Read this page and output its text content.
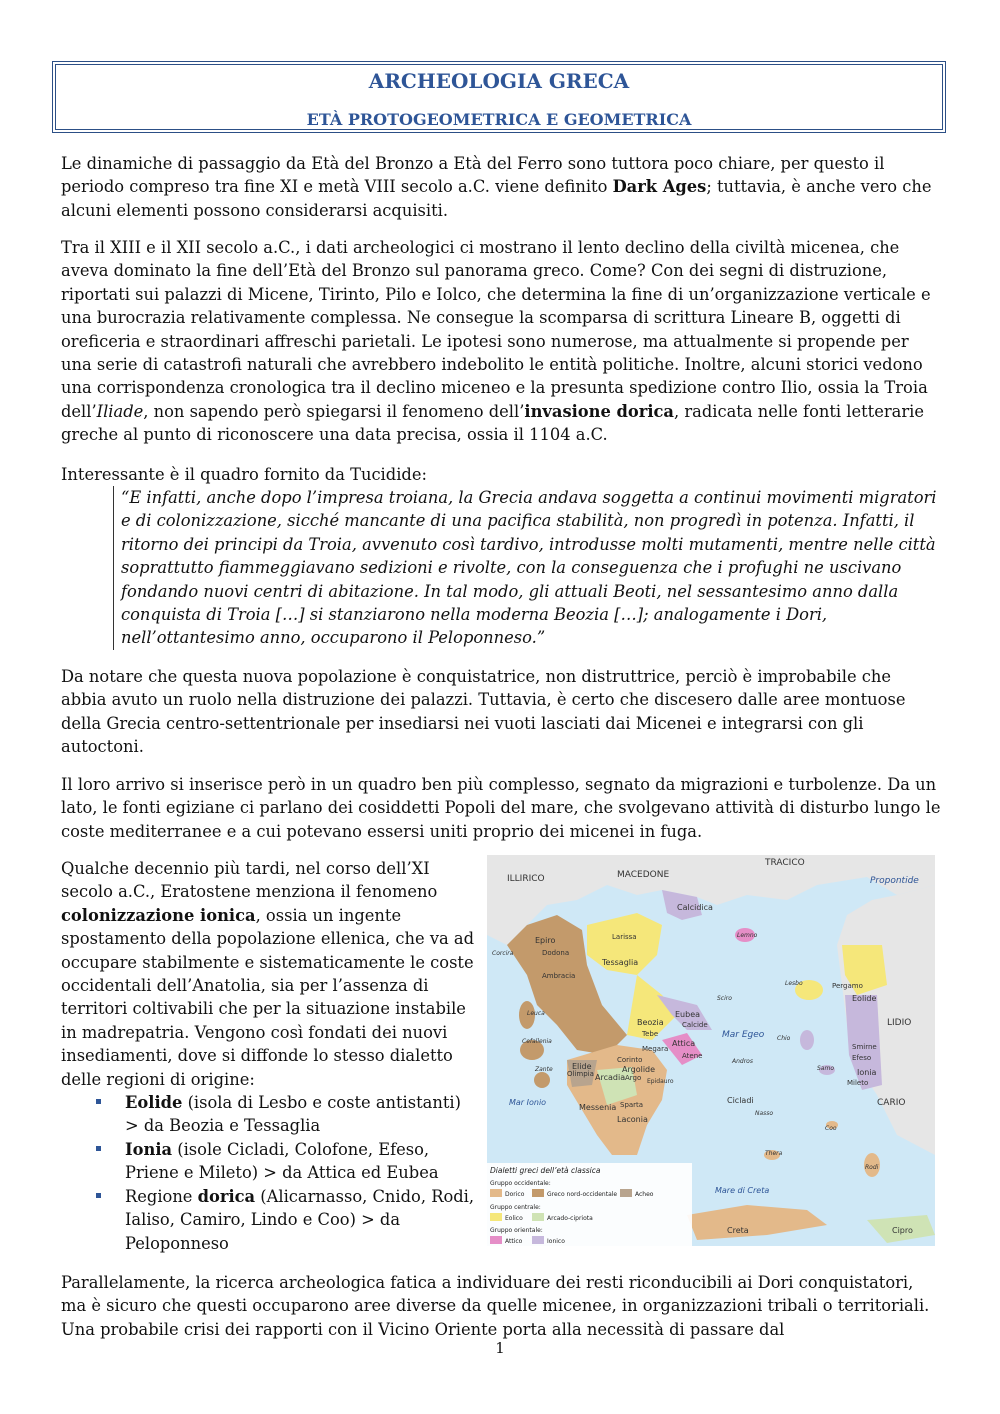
ARCHEOLOGIA GRECA
ETÀ PROTOGEOMETRICA E GEOMETRICA

Le dinamiche di passaggio da Età del Bronzo a Età del Ferro sono tuttora poco chiare, per questo il periodo compreso tra fine XI e metà VIII secolo a.C. viene definito Dark Ages; tuttavia, è anche vero che alcuni elementi possono considerarsi acquisiti.

Tra il XIII e il XII secolo a.C., i dati archeologici ci mostrano il lento declino della civiltà micenea, che aveva dominato la fine dell’Età del Bronzo sul panorama greco. Come? Con dei segni di distruzione, riportati sui palazzi di Micene, Tirinto, Pilo e Iolco, che determina la fine di un’organizzazione verticale e una burocrazia relativamente complessa. Ne consegue la scomparsa di scrittura Lineare B, oggetti di oreficeria e straordinari affreschi parietali. Le ipotesi sono numerose, ma attualmente si propende per una serie di catastrofi naturali che avrebbero indebolito le entità politiche. Inoltre, alcuni storici vedono una corrispondenza cronologica tra il declino miceneo e la presunta spedizione contro Ilio, ossia la Troia dell’Iliade, non sapendo però spiegarsi il fenomeno dell’invasione dorica, radicata nelle fonti letterarie greche al punto di riconoscere una data precisa, ossia il 1104 a.C.

Interessante è il quadro fornito da Tucidide:

“E infatti, anche dopo l’impresa troiana, la Grecia andava soggetta a continui movimenti migratori e di colonizzazione, sicché mancante di una pacifica stabilità, non progredì in potenza. Infatti, il ritorno dei principi da Troia, avvenuto così tardivo, introdusse molti mutamenti, mentre nelle città soprattutto fiammeggiavano sedizioni e rivolte, con la conseguenza che i profughi ne uscivano fondando nuovi centri di abitazione. In tal modo, gli attuali Beoti, nel sessantesimo anno dalla conquista di Troia […] si stanziarono nella moderna Beozia […]; analogamente i Dori, nell’ottantesimo anno, occuparono il Peloponneso.”

Da notare che questa nuova popolazione è conquistatrice, non distruttrice, perciò è improbabile che abbia avuto un ruolo nella distruzione dei palazzi. Tuttavia, è certo che discesero dalle aree montuose della Grecia centro-settentrionale per insediarsi nei vuoti lasciati dai Micenei e integrarsi con gli autoctoni.

Il loro arrivo si inserisce però in un quadro ben più complesso, segnato da migrazioni e turbolenze. Da un lato, le fonti egiziane ci parlano dei cosiddetti Popoli del mare, che svolgevano attività di disturbo lungo le coste mediterranee e a cui potevano essersi uniti proprio dei micenei in fuga.

Qualche decennio più tardi, nel corso dell’XI secolo a.C., Eratostene menziona il fenomeno colonizzazione ionica, ossia un ingente spostamento della popolazione ellenica, che va ad occupare stabilmente e sistematicamente le coste occidentali dell’Anatolia, sia per l’assenza di territori coltivabili che per la situazione instabile in madrepatria. Vengono così fondati dei nuovi insediamenti, dove si diffonde lo stesso dialetto delle regioni di origine:

Eolide (isola di Lesbo e coste antistanti) > da Beozia e Tessaglia
Ionia (isole Cicladi, Colofone, Efeso, Priene e Mileto) > da Attica ed Eubea
Regione dorica (Alicarnasso, Cnido, Rodi, Ialiso, Camiro, Lindo e Coo) > da Peloponneso
ILLIRICO	MACEDONE
TRACICO
Propontide
Calcidica
Epiro	Larissa
Tessaglia
Dodona
Corcira
Ambracia
Lemno
Lesbo	Pergamo
Eolide
Sciro
LIDIO
Leuca
Beozia
Eubea
Tebe
Calcide
Mar Egeo Chio
Smirne
Cefallenia
Megara
Attica
Atene
Ionia
Elide
Corinto
Argolide
Efeso
Andros
Zante
Olimpia Arcadia Argo Epidauro
Samo
Mileto
Mar Ionio
Messenia Sparta	Cicladi	CARIO
Laconia
Nasso
Coo
Thera
Rodi
Mare di Creta
Creta	Cipro
Dialetti greci dell’età classica
Gruppo occidentale:
Dorico	Greco nord-occidentale	Acheo
Gruppo centrale:
Eolico	Arcado-cipriota
Gruppo orientale:
Attico	Ionico

Parallelamente, la ricerca archeologica fatica a individuare dei resti riconducibili ai Dori conquistatori, ma è sicuro che questi occuparono aree diverse da quelle micenee, in organizzazioni tribali o territoriali. Una probabile crisi dei rapporti con il Vicino Oriente porta alla necessità di passare dal

1
